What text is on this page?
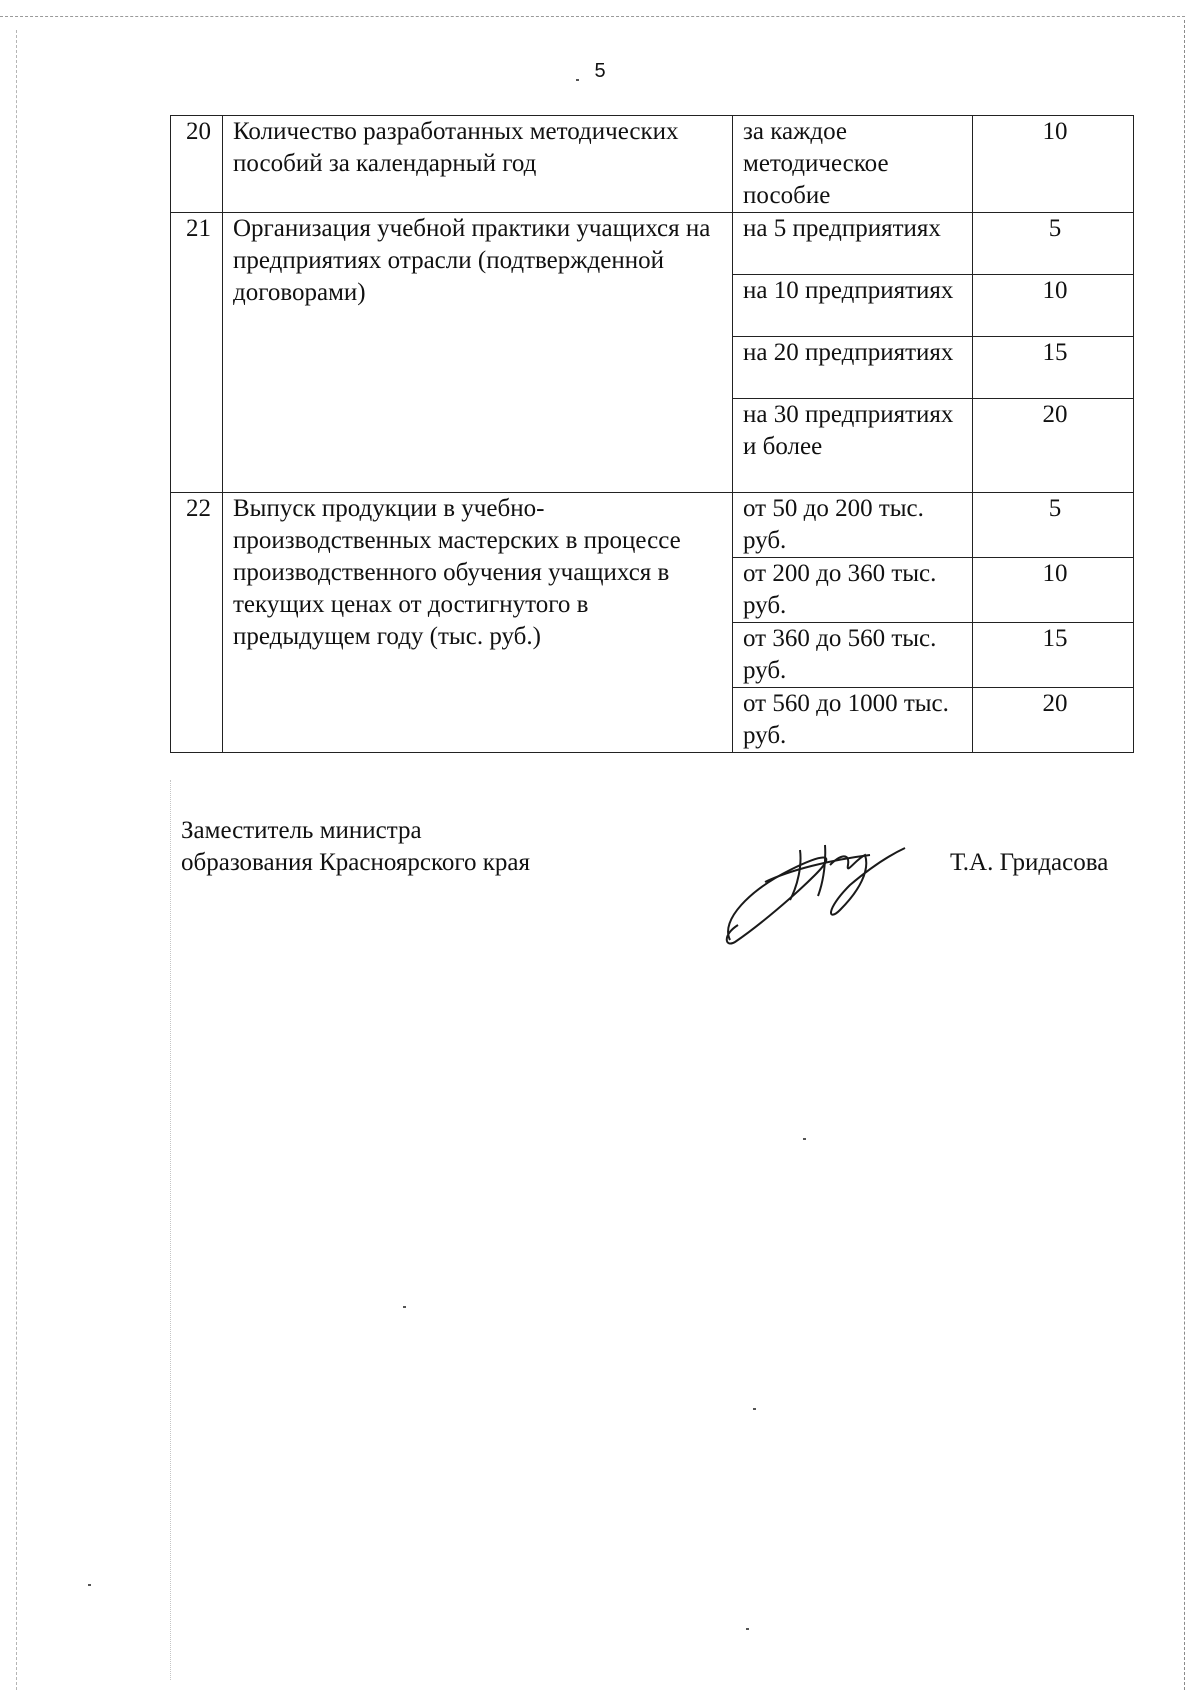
5
20	Количество разработанных методических пособий за календарный год	за каждое методическое пособие	10
21	Организация учебной практики учащихся на предприятиях отрасли (подтвержденной договорами)	на 5 предприятиях	5
		на 10 предприятиях	10
		на 20 предприятиях	15
		на 30 предприятиях и более	20
22	Выпуск продукции в учебно-производственных мастерских в процессе производственного обучения учащихся в текущих ценах от достигнутого в предыдущем году (тыс. руб.)	от 50 до 200 тыс. руб.	5
		от 200 до 360 тыс. руб.	10
		от 360 до 560 тыс. руб.	15
		от 560 до 1000 тыс. руб.	20
Заместитель министра
образования Красноярского края	Т.А. Гридасова
